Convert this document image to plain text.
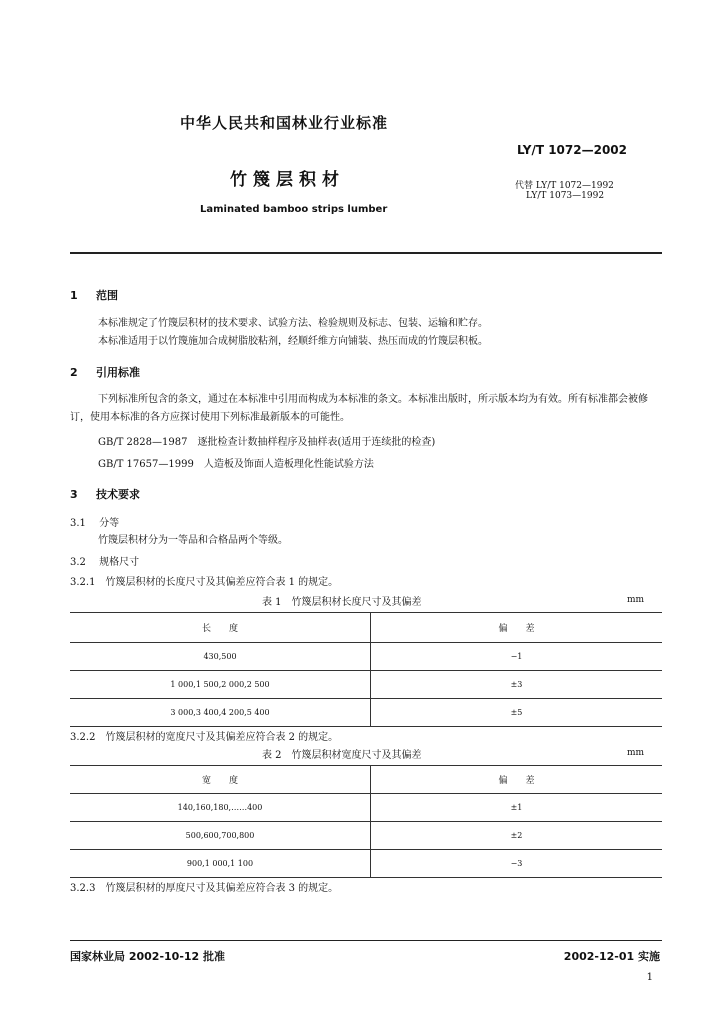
中华人民共和国林业行业标准
LY/T 1072—2002
竹篾层积材	代替 LY/T 1072—1992
LY/T 1073—1992
Laminated bamboo strips lumber
1 范围
本标准规定了竹篾层积材的技术要求、试验方法、检验规则及标志、包装、运输和贮存。
本标准适用于以竹篾施加合成树脂胶粘剂，经顺纤维方向铺装、热压而成的竹篾层积板。
2 引用标准
下列标准所包含的条文，通过在本标准中引用而构成为本标准的条文。本标准出版时，所示版本均为有效。所有标准都会被修订，使用本标准的各方应探讨使用下列标准最新版本的可能性。
GB/T 2828—1987　逐批检查计数抽样程序及抽样表(适用于连续批的检查)
GB/T 17657—1999　人造板及饰面人造板理化性能试验方法
3 技术要求
3.1 分等
竹篾层积材分为一等品和合格品两个等级。
3.2 规格尺寸
3.2.1　竹篾层积材的长度尺寸及其偏差应符合表 1 的规定。
表 1　竹篾层积材长度尺寸及其偏差	mm
长　　度	偏　　差
430,500	−1
1 000,1 500,2 000,2 500	±3
3 000,3 400,4 200,5 400	±5
3.2.2　竹篾层积材的宽度尺寸及其偏差应符合表 2 的规定。
表 2　竹篾层积材宽度尺寸及其偏差	mm
宽　　度	偏　　差
140,160,180,……400	±1
500,600,700,800	±2
900,1 000,1 100	−3
3.2.3　竹篾层积材的厚度尺寸及其偏差应符合表 3 的规定。
国家林业局 2002-10-12 批准	2002-12-01 实施
1
